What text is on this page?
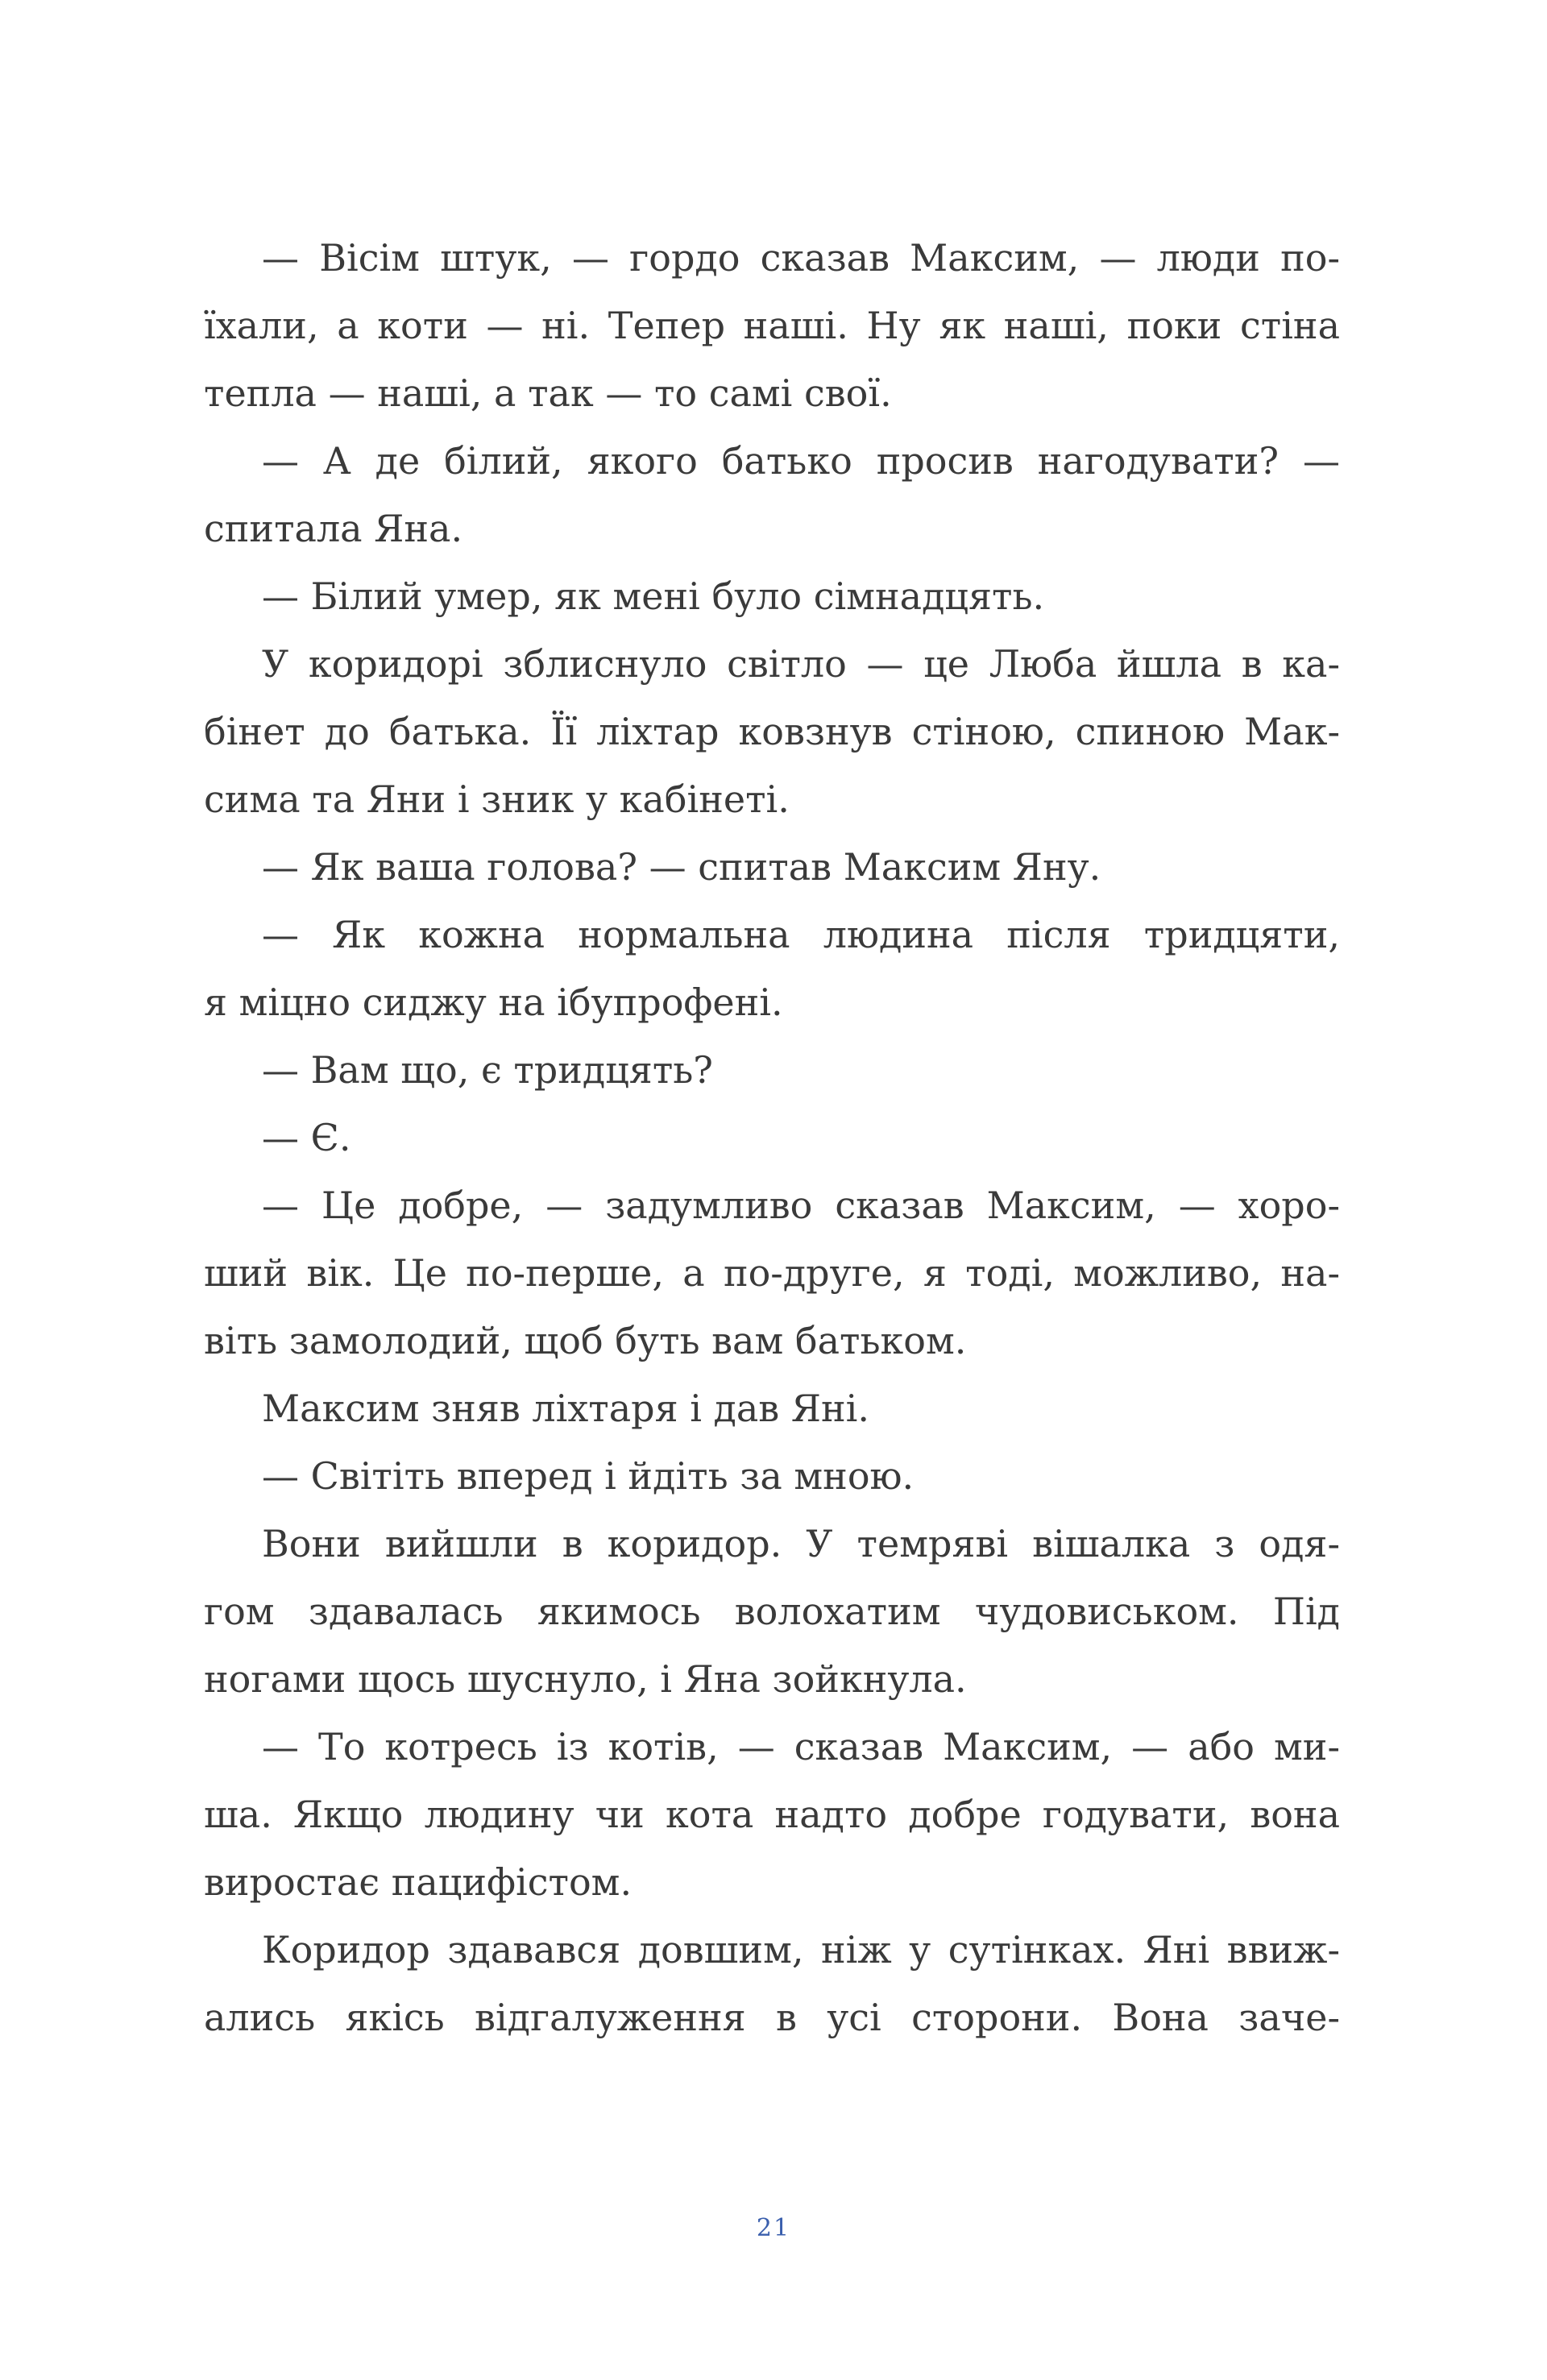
— Вісім штук, — гордо сказав Максим, — люди по-
їхали, а коти — ні. Тепер наші. Ну як наші, поки стіна
тепла — наші, а так — то самі свої.
— А де білий, якого батько просив нагодувати? —
спитала Яна.
— Білий умер, як мені було сімнадцять.
У коридорі зблиснуло світло — це Люба йшла в ка-
бінет до батька. Її ліхтар ковзнув стіною, спиною Мак-
сима та Яни і зник у кабінеті.
— Як ваша голова? — спитав Максим Яну.
— Як кожна нормальна людина після тридцяти,
я міцно сиджу на ібупрофені.
— Вам що, є тридцять?
— Є.
— Це добре, — задумливо сказав Максим, — хоро-
ший вік. Це по-перше, а по-друге, я тоді, можливо, на-
віть замолодий, щоб буть вам батьком.
Максим зняв ліхтаря і дав Яні.
— Світіть вперед і йдіть за мною.
Вони вийшли в коридор. У темряві вішалка з одя-
гом здавалась якимось волохатим чудовиськом. Під
ногами щось шуснуло, і Яна зойкнула.
— То котресь із котів, — сказав Максим, — або ми-
ша. Якщо людину чи кота надто добре годувати, вона
виростає пацифістом.
Коридор здавався довшим, ніж у сутінках. Яні ввиж-
ались якісь відгалуження в усі сторони. Вона заче-
21
